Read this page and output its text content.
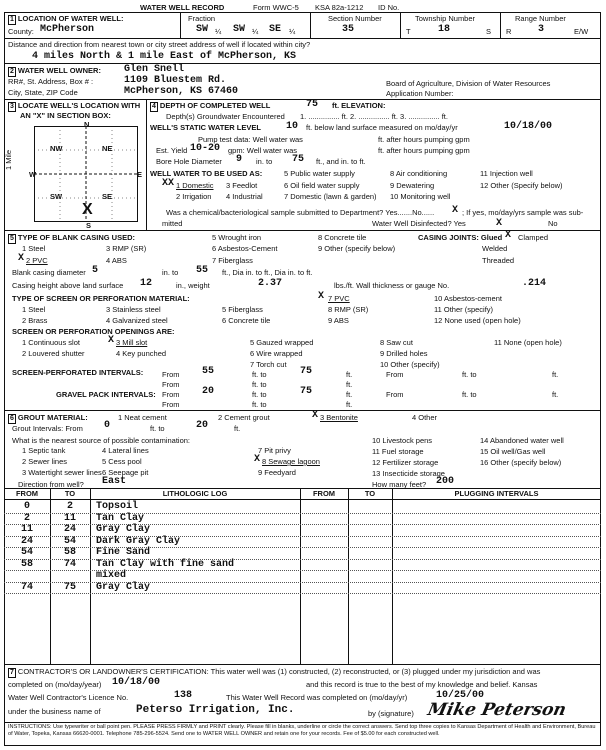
WATER WELL RECORD	Form WWC-5 KSA 82a-1212 ID No.
1 LOCATION OF WATER WELL:	Fraction	Section Number	Township Number	Range Number
County: McPherson	SW ¼ SW ¼ SE ¼	35	T	18	S R	3	E/W
Distance and direction from nearest town or city street address of well if located within city?
4 miles North & 1 mile East of McPherson, KS
2 WATER WELL OWNER: Glen Snell
RR#, St. Address, Box # :	1109 Bluestem Rd.
City, State, ZIP Code	McPherson, KS 67460
Board of Agriculture, Division of Water Resources
Application Number:
3 LOCATE WELL'S LOCATION WITH
AN "X" IN SECTION BOX:
N
S
W	E
1 Mile
NW	NE
SW	SE
X
4 DEPTH OF COMPLETED WELL	75 ft. ELEVATION:
Depth(s) Groundwater Encountered 1. ............... ft. 2. ............... ft. 3. ............... ft.
WELL'S STATIC WATER LEVEL	10 ft. below land surface measured on mo/day/yr	10/18/00
Pump test data: Well water was	ft. after hours pumping gpm
Est. Yield 10-20 gpm: Well water was	ft. after hours pumping gpm
Bore Hole Diameter 9 in. to 75 ft., and in. to ft.
WELL WATER TO BE USED AS:	5 Public water supply	8 Air conditioning	11 Injection well
XX 1 Domestic 3 Feedlot	6 Oil field water supply	9 Dewatering	12 Other (Specify below)
2 Irrigation 4 Industrial	7 Domestic (lawn & garden) 10 Monitoring well
Was a chemical/bacteriological sample submitted to Department? Yes.......No...... X ; If yes, mo/day/yrs sample was sub-
mitted	Water Well Disinfected? Yes	X	No
5 TYPE OF BLANK CASING USED:	5 Wrought iron	8 Concrete tile	CASING JOINTS: Glued X Clamped
1 Steel	3 RMP (SR)	6 Asbestos-Cement	9 Other (specify below)	Welded
X 2 PVC	4 ABS	7 Fiberglass	Threaded
Blank casing diameter 5	in. to 55 ft., Dia in. to ft., Dia in. to ft.
Casing height above land surface 12	in., weight	2.37	lbs./ft. Wall thickness or gauge No.	.214
TYPE OF SCREEN OR PERFORATION MATERIAL:	X 7 PVC	10 Asbestos-cement
1 Steel	3 Stainless steel	5 Fiberglass	8 RMP (SR)	11 Other (specify)
2 Brass	4 Galvanized steel	6 Concrete tile	9 ABS	12 None used (open hole)
SCREEN OR PERFORATION OPENINGS ARE:
1 Continuous slot	X 3 Mill slot	5 Gauzed wrapped	8 Saw cut	11 None (open hole)
2 Louvered shutter	4 Key punched	6 Wire wrapped	9 Drilled holes
7 Torch cut	10 Other (specify)
SCREEN-PERFORATED INTERVALS: From 55	ft. to	75	ft.	From	ft. to	ft.
From	ft. to	ft.
GRAVEL PACK INTERVALS: From 20	ft. to	75	ft.	From	ft. to	ft.
From	ft. to	ft.
6 GROUT MATERIAL:	1 Neat cement	2 Cement grout	X 3 Bentonite	4 Other
Grout Intervals: From 0	ft. to	20	ft.
What is the nearest source of possible contamination:
1 Septic tank	4 Lateral lines	7 Pit privy
10 Livestock pens	14 Abandoned water well
2 Sewer lines	5 Cess pool	X 8 Sewage lagoon
11 Fuel storage	15 Oil well/Gas well
3 Watertight sewer lines 6 Seepage pit	9 Feedyard
12 Fertilizer storage
13 Insecticide storage
16 Other (specify below)
Direction from well? East	How many feet? 200
FROM	TO	LITHOLOGIC LOG	FROM	TO	PLUGGING INTERVALS
0	2	Topsoil
2	11	Tan Clay
11	24	Gray Clay
24	54	Dark Gray Clay
54	58	Fine Sand
58	74	Tan Clay with fine sand
mixed
74	75	Gray Clay
7 CONTRACTOR'S OR LANDOWNER'S CERTIFICATION: This water well was (1) constructed, (2) reconstructed, or (3) plugged under my jurisdiction and was
completed on (mo/day/year) 10/18/00	and this record is true to the best of my knowledge and belief. Kansas
Water Well Contractor's Licence No.	138	This Water Well Record was completed on (mo/day/yr)	10/25/00
under the business name of	Peterso Irrigation, Inc.	by (signature) Mike Peterson
INSTRUCTIONS: Use typewriter or ball point pen. PLEASE PRESS FIRMLY and PRINT clearly. Please fill in blanks, underline or circle the correct answers. Send top three copies to Kansas Department of Health and Environment, Bureau of Water, Topeka, Kansas 66620-0001. Telephone 785-296-5524. Send one to WATER WELL OWNER and retain one for your records. Fee of $5.00 for each constructed well.
